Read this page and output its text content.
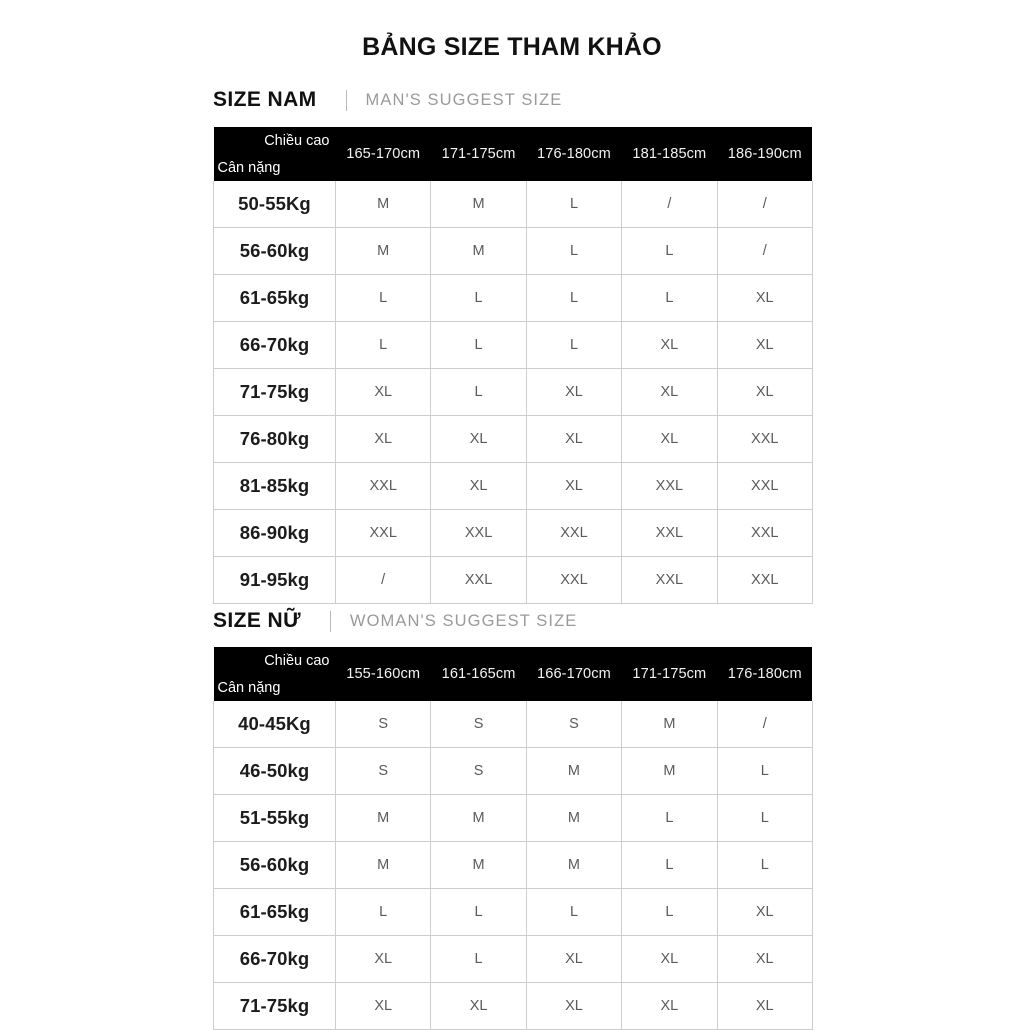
BẢNG SIZE THAM KHẢO
SIZE NAM	MAN'S SUGGEST SIZE
Chiều cao
Cân nặng	165-170cm	171-175cm	176-180cm	181-185cm	186-190cm
50-55Kg	M	M	L	/	/
56-60kg	M	M	L	L	/
61-65kg	L	L	L	L	XL
66-70kg	L	L	L	XL	XL
71-75kg	XL	L	XL	XL	XL
76-80kg	XL	XL	XL	XL	XXL
81-85kg	XXL	XL	XL	XXL	XXL
86-90kg	XXL	XXL	XXL	XXL	XXL
91-95kg	/	XXL	XXL	XXL	XXL
SIZE NỮ	WOMAN'S SUGGEST SIZE
Chiều cao
Cân nặng	155-160cm	161-165cm	166-170cm	171-175cm	176-180cm
40-45Kg	S	S	S	M	/
46-50kg	S	S	M	M	L
51-55kg	M	M	M	L	L
56-60kg	M	M	M	L	L
61-65kg	L	L	L	L	XL
66-70kg	XL	L	XL	XL	XL
71-75kg	XL	XL	XL	XL	XL
